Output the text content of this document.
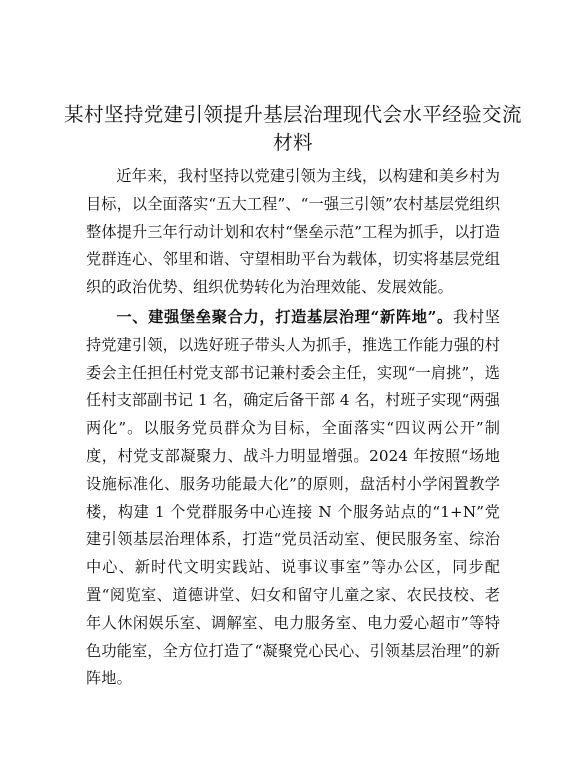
某村坚持党建引领提升基层治理现代会水平经验交流材料

近年来，我村坚持以党建引领为主线，以构建和美乡村为目标，以全面落实“五大工程”、“一强三引领”农村基层党组织整体提升三年行动计划和农村“堡垒示范”工程为抓手，以打造党群连心、邻里和谐、守望相助平台为载体，切实将基层党组织的政治优势、组织优势转化为治理效能、发展效能。

一、建强堡垒聚合力，打造基层治理“新阵地”。我村坚持党建引领，以选好班子带头人为抓手，推选工作能力强的村委会主任担任村党支部书记兼村委会主任，实现“一肩挑”，选任村支部副书记 1 名，确定后备干部 4 名，村班子实现“两强两化”。以服务党员群众为目标，全面落实“四议两公开”制度，村党支部凝聚力、战斗力明显增强。2024 年按照“场地设施标准化、服务功能最大化”的原则，盘活村小学闲置教学楼，构建 1 个党群服务中心连接 N 个服务站点的“1+N”党建引领基层治理体系，打造“党员活动室、便民服务室、综治中心、新时代文明实践站、说事议事室”等办公区，同步配置“阅览室、道德讲堂、妇女和留守儿童之家、农民技校、老年人休闲娱乐室、调解室、电力服务室、电力爱心超市”等特色功能室，全方位打造了“凝聚党心民心、引领基层治理”的新阵地。
